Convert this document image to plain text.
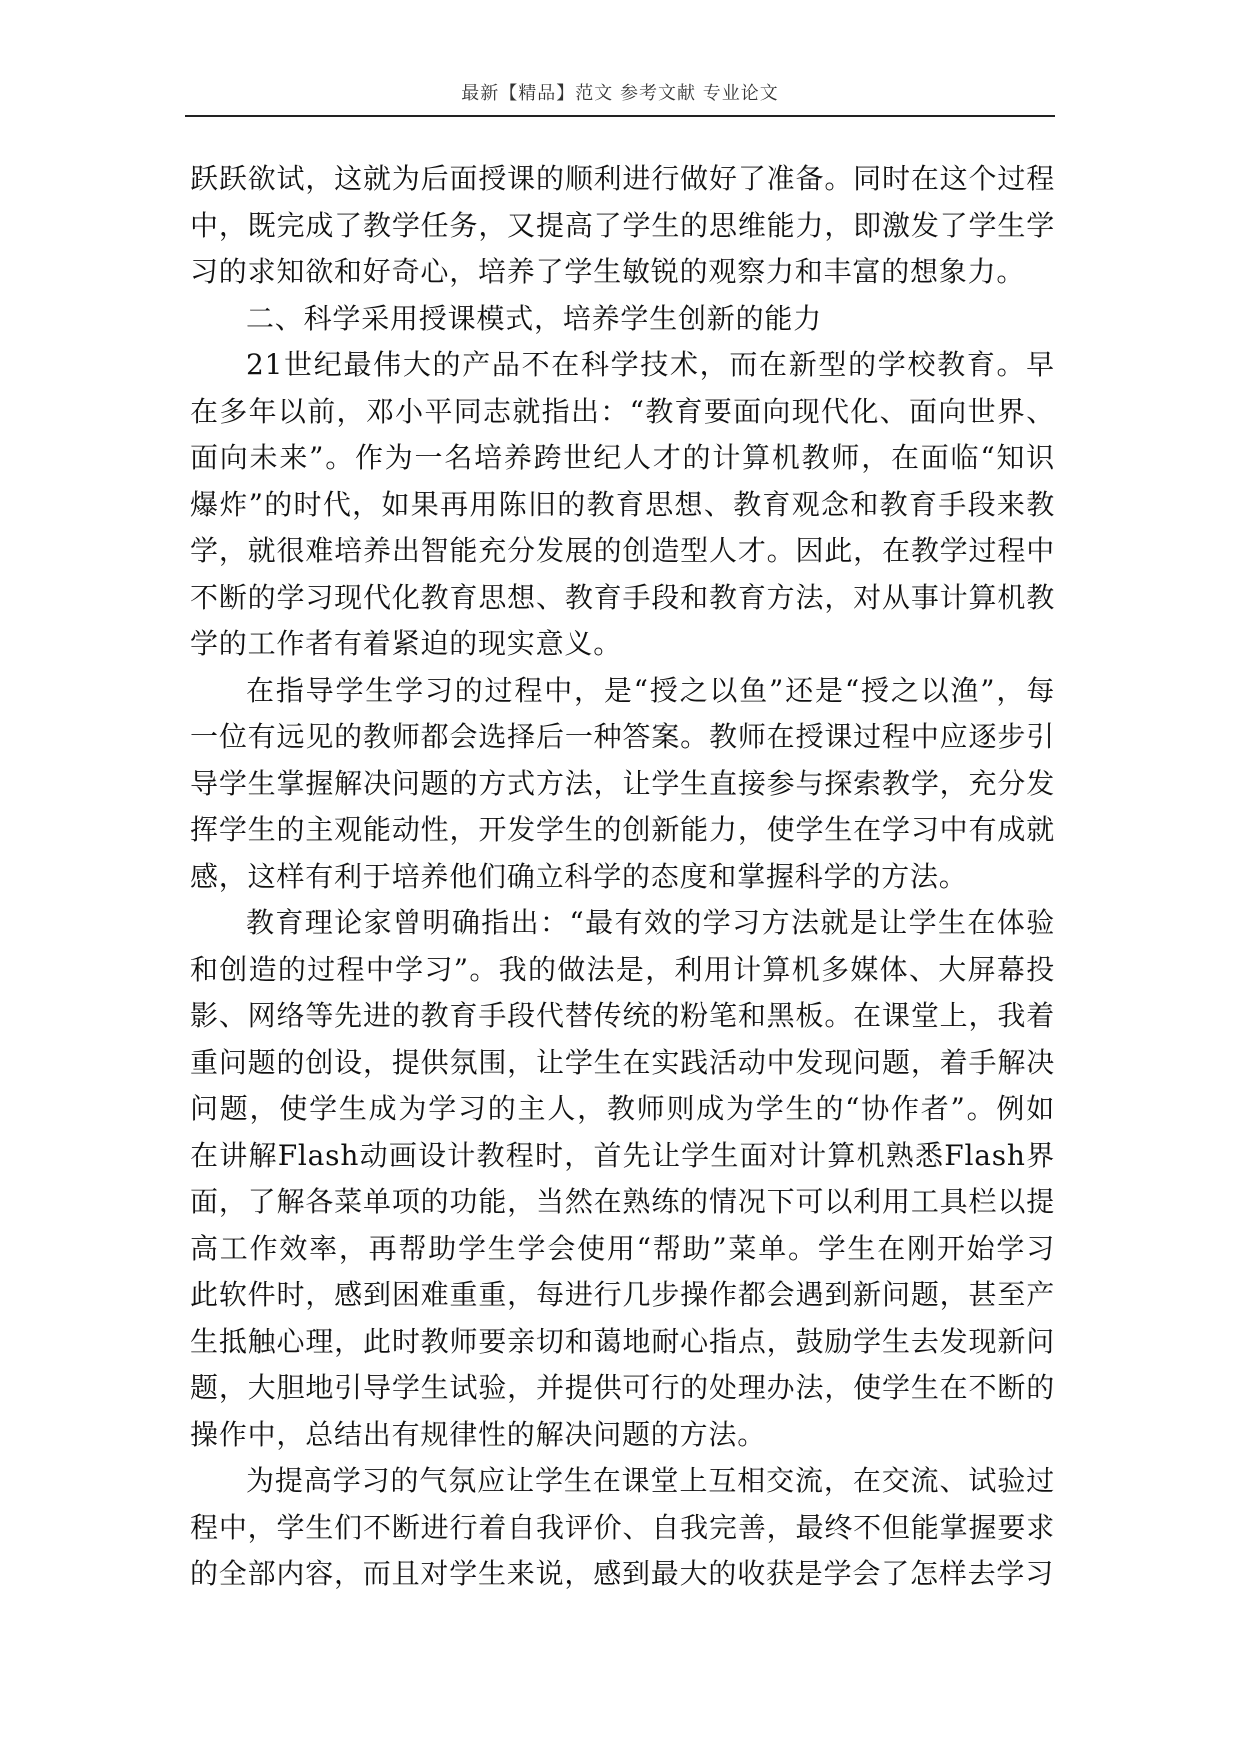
最新【精品】范文 参考文献 专业论文

跃跃欲试，这就为后面授课的顺利进行做好了准备。同时在这个过程中，既完成了教学任务，又提高了学生的思维能力，即激发了学生学习的求知欲和好奇心，培养了学生敏锐的观察力和丰富的想象力。

二、科学采用授课模式，培养学生创新的能力

21世纪最伟大的产品不在科学技术，而在新型的学校教育。早在多年以前，邓小平同志就指出：“教育要面向现代化、面向世界、面向未来”。作为一名培养跨世纪人才的计算机教师，在面临“知识爆炸”的时代，如果再用陈旧的教育思想、教育观念和教育手段来教学，就很难培养出智能充分发展的创造型人才。因此，在教学过程中不断的学习现代化教育思想、教育手段和教育方法，对从事计算机教学的工作者有着紧迫的现实意义。

在指导学生学习的过程中，是“授之以鱼”还是“授之以渔”，每一位有远见的教师都会选择后一种答案。教师在授课过程中应逐步引导学生掌握解决问题的方式方法，让学生直接参与探索教学，充分发挥学生的主观能动性，开发学生的创新能力，使学生在学习中有成就感，这样有利于培养他们确立科学的态度和掌握科学的方法。

教育理论家曾明确指出：“最有效的学习方法就是让学生在体验和创造的过程中学习”。我的做法是，利用计算机多媒体、大屏幕投影、网络等先进的教育手段代替传统的粉笔和黑板。在课堂上，我着重问题的创设，提供氛围，让学生在实践活动中发现问题，着手解决问题，使学生成为学习的主人，教师则成为学生的“协作者”。例如在讲解Flash动画设计教程时，首先让学生面对计算机熟悉Flash界面，了解各菜单项的功能，当然在熟练的情况下可以利用工具栏以提高工作效率，再帮助学生学会使用“帮助”菜单。学生在刚开始学习此软件时，感到困难重重，每进行几步操作都会遇到新问题，甚至产生抵触心理，此时教师要亲切和蔼地耐心指点，鼓励学生去发现新问题，大胆地引导学生试验，并提供可行的处理办法，使学生在不断的操作中，总结出有规律性的解决问题的方法。

为提高学习的气氛应让学生在课堂上互相交流，在交流、试验过程中，学生们不断进行着自我评价、自我完善，最终不但能掌握要求的全部内容，而且对学生来说，感到最大的收获是学会了怎样去学习
